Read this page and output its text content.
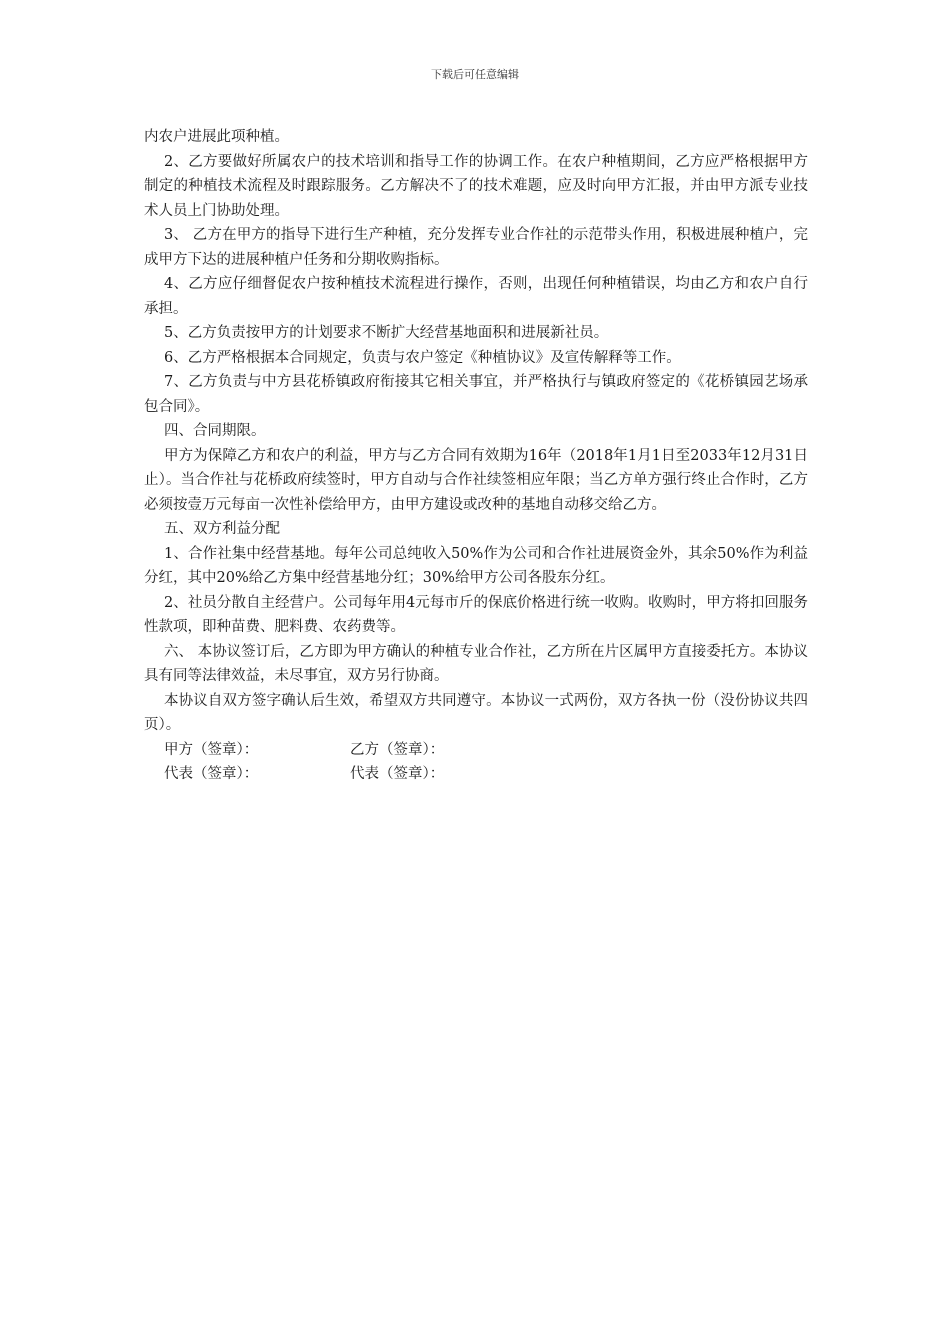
下载后可任意编辑

内农户进展此项种植。

2、乙方要做好所属农户的技术培训和指导工作的协调工作。在农户种植期间，乙方应严格根据甲方制定的种植技术流程及时跟踪服务。乙方解决不了的技术难题，应及时向甲方汇报，并由甲方派专业技术人员上门协助处理。

3、 乙方在甲方的指导下进行生产种植，充分发挥专业合作社的示范带头作用，积极进展种植户，完成甲方下达的进展种植户任务和分期收购指标。

4、乙方应仔细督促农户按种植技术流程进行操作，否则，出现任何种植错误，均由乙方和农户自行承担。

5、乙方负责按甲方的计划要求不断扩大经营基地面积和进展新社员。

6、乙方严格根据本合同规定，负责与农户签定《种植协议》及宣传解释等工作。

7、乙方负责与中方县花桥镇政府衔接其它相关事宜，并严格执行与镇政府签定的《花桥镇园艺场承包合同》。

四、合同期限。

甲方为保障乙方和农户的利益，甲方与乙方合同有效期为16年（2018年1月1日至2033年12月31日止）。当合作社与花桥政府续签时，甲方自动与合作社续签相应年限；当乙方单方强行终止合作时，乙方必须按壹万元每亩一次性补偿给甲方，由甲方建设或改种的基地自动移交给乙方。

五、双方利益分配

1、合作社集中经营基地。每年公司总纯收入50%作为公司和合作社进展资金外，其余50%作为利益分红，其中20%给乙方集中经营基地分红；30%给甲方公司各股东分红。

2、社员分散自主经营户。公司每年用4元每市斤的保底价格进行统一收购。收购时，甲方将扣回服务性款项，即种苗费、肥料费、农药费等。

六、 本协议签订后，乙方即为甲方确认的种植专业合作社，乙方所在片区属甲方直接委托方。本协议具有同等法律效益，未尽事宜，双方另行协商。

本协议自双方签字确认后生效，希望双方共同遵守。本协议一式两份，双方各执一份（没份协议共四页）。

甲方（签章）：	乙方（签章）：
代表（签章）：	代表（签章）：
